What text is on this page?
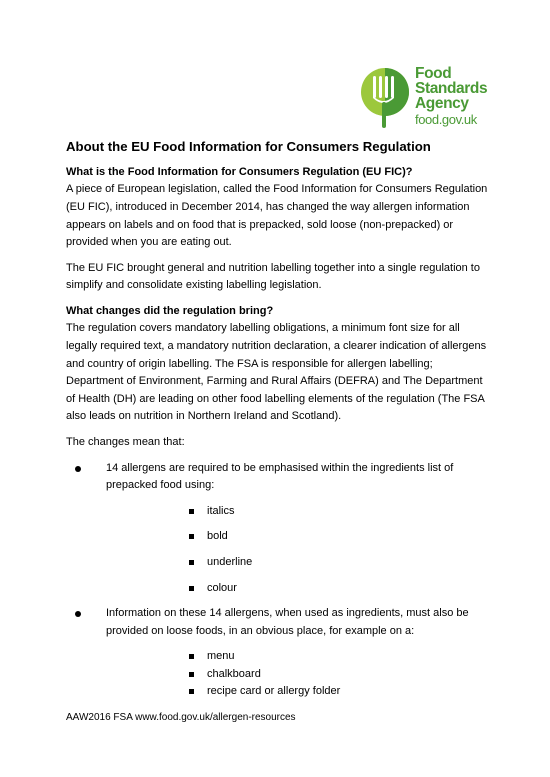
Food
Standards
Agency
food.gov.uk
About the EU Food Information for Consumers Regulation
What is the Food Information for Consumers Regulation (EU FIC)?

A piece of European legislation, called the Food Information for Consumers Regulation (EU FIC), introduced in December 2014, has changed the way allergen information appears on labels and on food that is prepacked, sold loose (non-prepacked) or provided when you are eating out.

The EU FIC brought general and nutrition labelling together into a single regulation to simplify and consolidate existing labelling legislation.

What changes did the regulation bring?

The regulation covers mandatory labelling obligations, a minimum font size for all legally required text, a mandatory nutrition declaration, a clearer indication of allergens and country of origin labelling. The FSA is responsible for allergen labelling; Department of Environment, Farming and Rural Affairs (DEFRA) and The Department of Health (DH) are leading on other food labelling elements of the regulation (The FSA also leads on nutrition in Northern Ireland and Scotland).

The changes mean that:

14 allergens are required to be emphasised within the ingredients list of prepacked food using:
italics
bold
underline
colour
Information on these 14 allergens, when used as ingredients, must also be provided on loose foods, in an obvious place, for example on a:
menu
chalkboard
recipe card or allergy folder
AAW2016 FSA www.food.gov.uk/allergen-resources
